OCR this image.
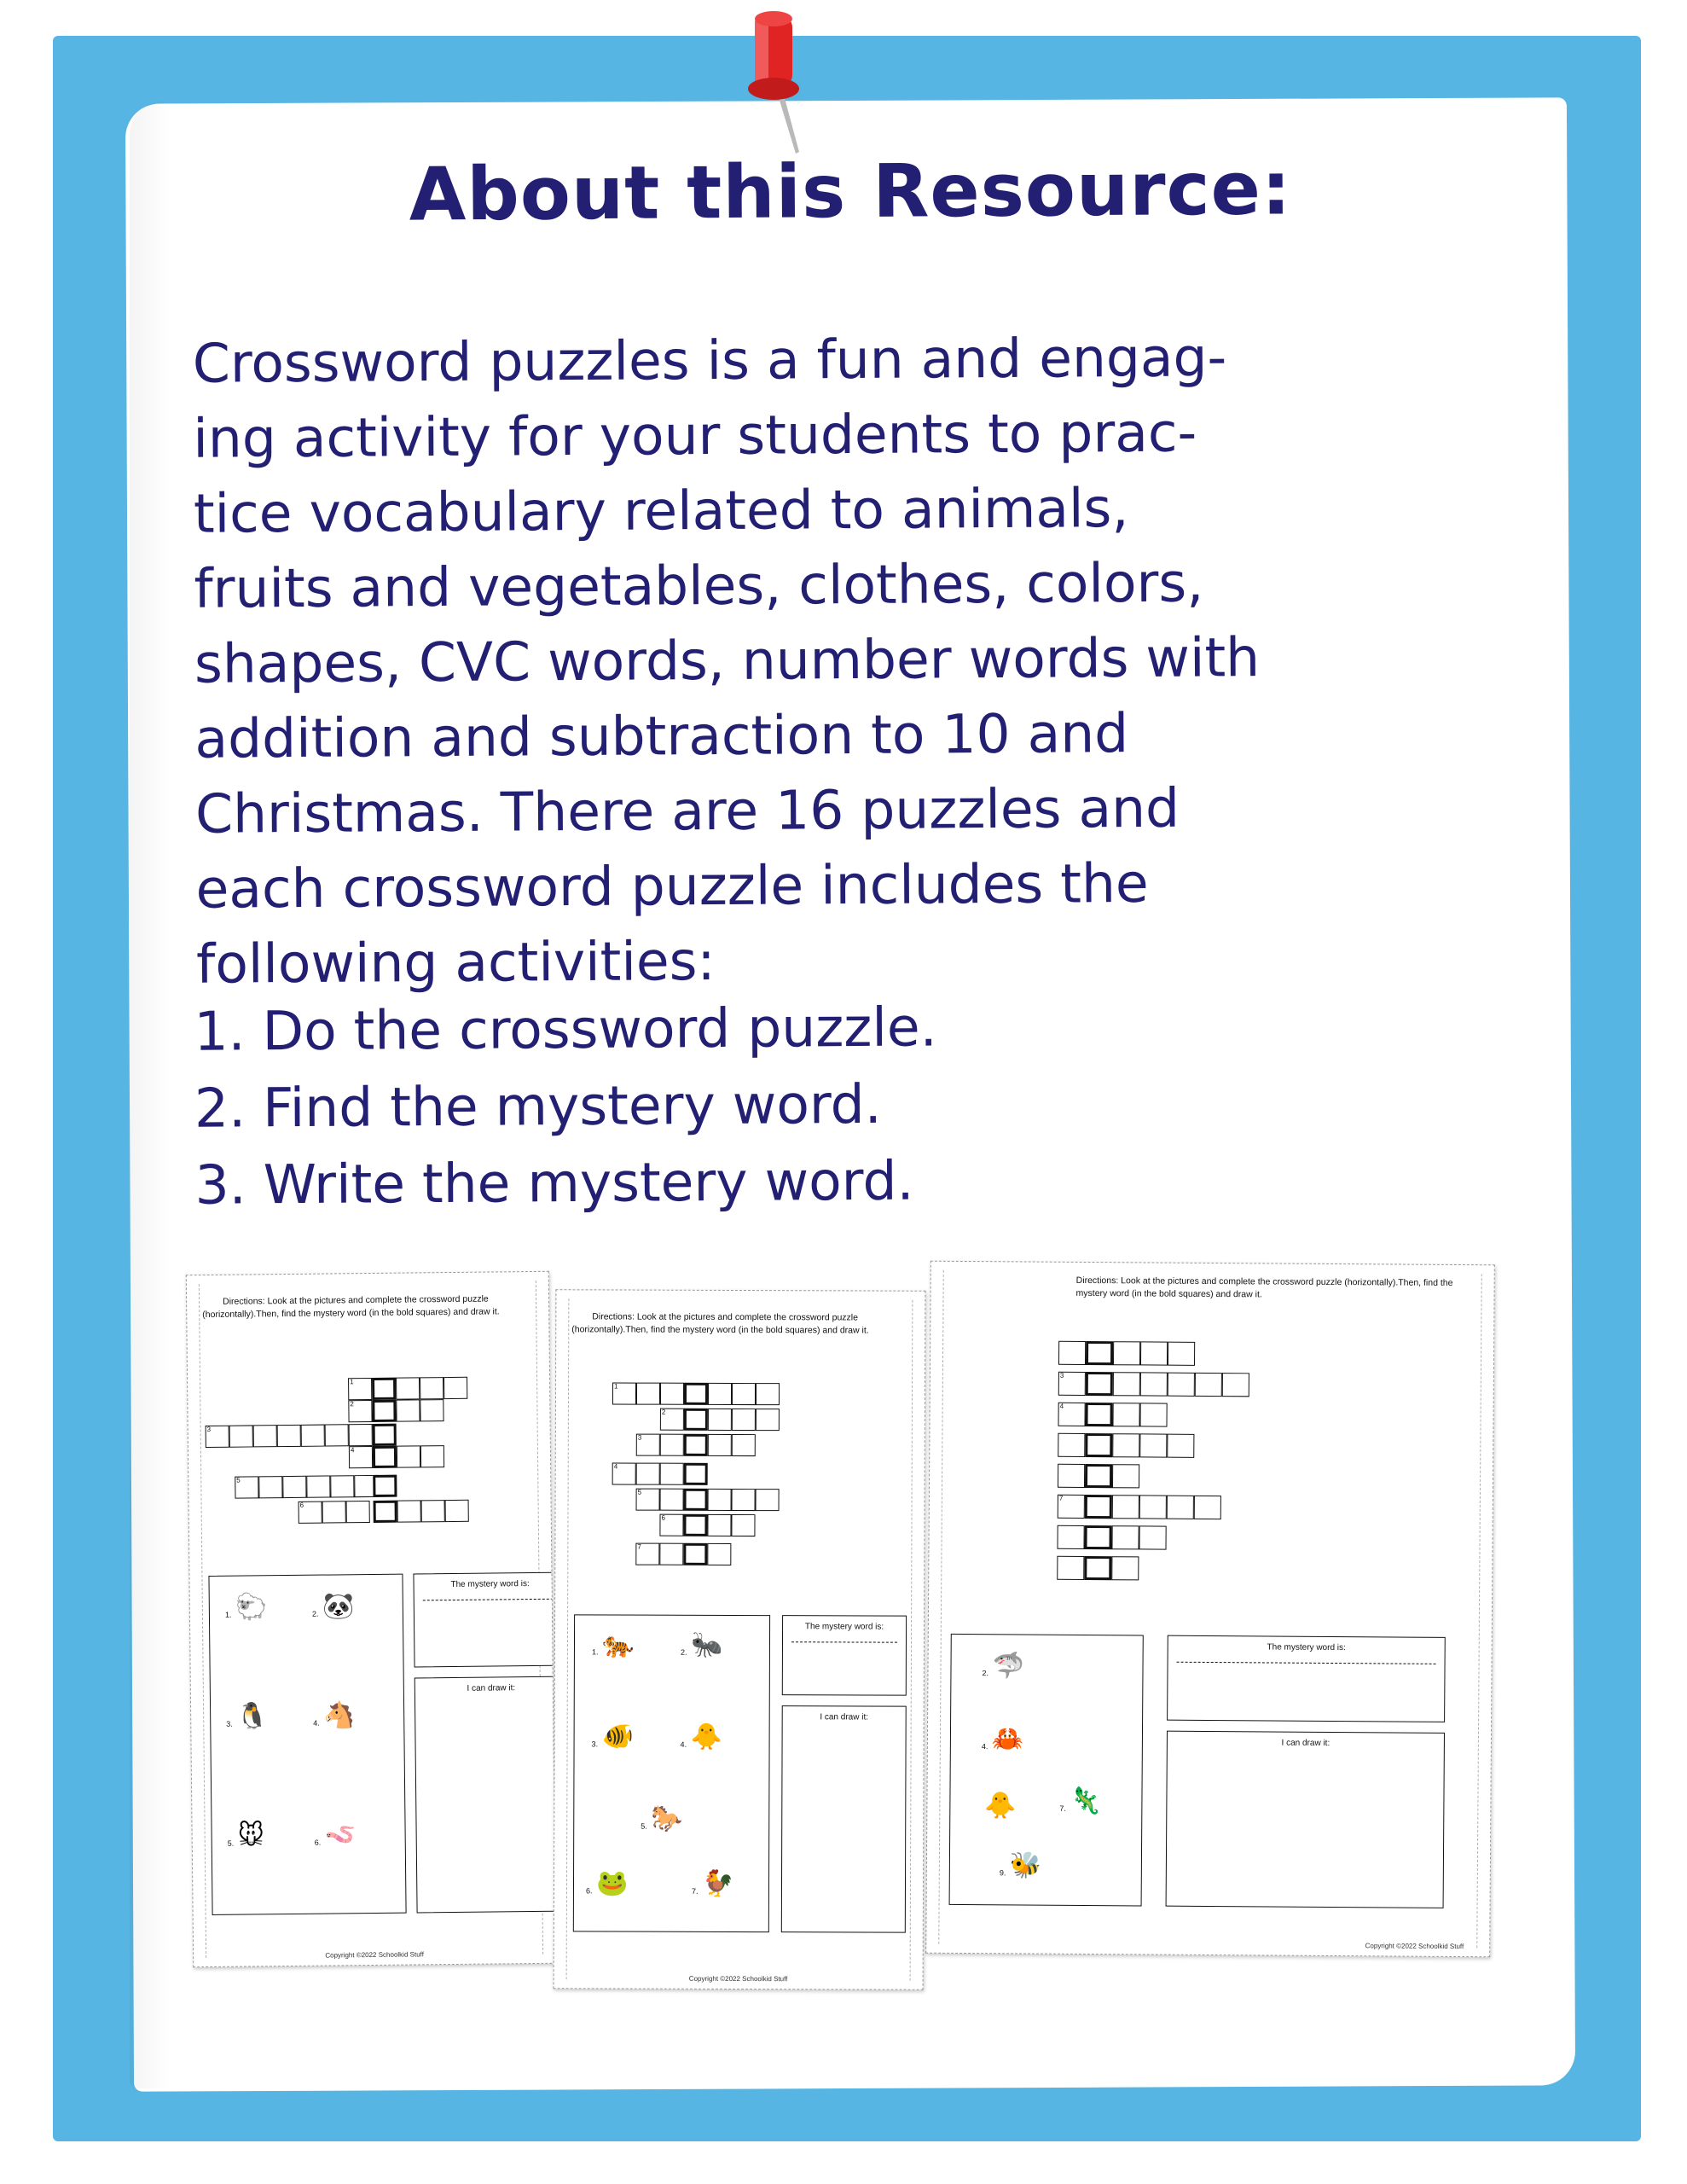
About this Resource:
Crossword puzzles is a fun and engag-
ing activity for your students to prac-
tice vocabulary related to animals,
fruits and vegetables, clothes, colors,
shapes, CVC words, number words with
addition and subtraction to 10 and
Christmas. There are 16 puzzles and
each crossword puzzle includes the
following activities:
1. Do the crossword puzzle.
2. Find the mystery word.
3. Write the mystery word.
Directions: Look at the pictures and complete the crossword puzzle (horizontally).Then, find the mystery word (in the bold squares) and draw it.
1
2
3
4
5
6
🐑
1.	🐼
2.
🐧
3.	🐴
4.
🐭
5.	🪱
6.
The mystery word is:
I can draw it:
Copyright ©2022 Schoolkid Stuff
Directions: Look at the pictures and complete the crossword puzzle (horizontally).Then, find the mystery word (in the bold squares) and draw it.
1
2
3
4
5
6
7
🐅
1.	🐜
2.
🐠
3.	🐥
4.
🐎
5.
🐸
6.	🐓
7.
The mystery word is:
I can draw it:
Copyright ©2022 Schoolkid Stuff
Directions: Look at the pictures and complete the crossword puzzle (horizontally).Then, find the mystery word (in the bold squares) and draw it.
3
4
7
🦈
2.
🦀
4.
🐥 🦎
7.
🐝
9.
The mystery word is:
I can draw it:
Copyright ©2022 Schoolkid Stuff
